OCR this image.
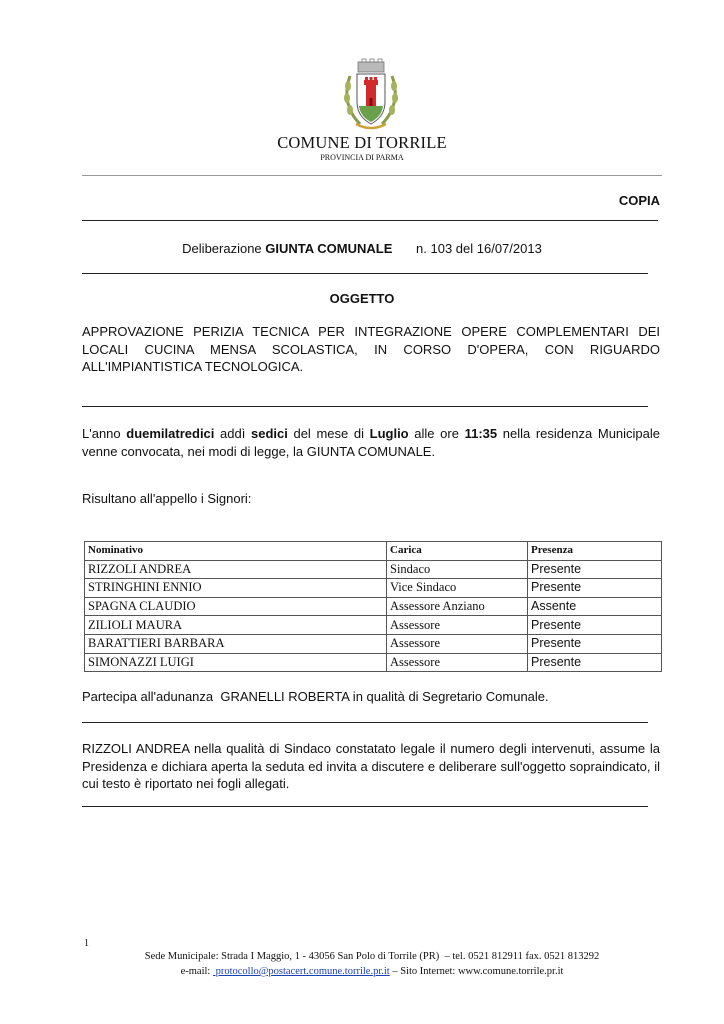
COMUNE DI TORRILE
PROVINCIA DI PARMA
COPIA
Deliberazione GIUNTA COMUNALE n. 103 del 16/07/2013
OGGETTO
APPROVAZIONE PERIZIA TECNICA PER INTEGRAZIONE OPERE COMPLEMENTARI DEI LOCALI CUCINA MENSA SCOLASTICA, IN CORSO D'OPERA, CON RIGUARDO ALL'IMPIANTISTICA TECNOLOGICA.
L'anno duemilatredici addì sedici del mese di Luglio alle ore 11:35 nella residenza Municipale venne convocata, nei modi di legge, la GIUNTA COMUNALE.
Risultano all'appello i Signori:
Nominativo	Carica	Presenza
RIZZOLI ANDREA	Sindaco	Presente
STRINGHINI ENNIO	Vice Sindaco	Presente
SPAGNA CLAUDIO	Assessore Anziano	Assente
ZILIOLI MAURA	Assessore	Presente
BARATTIERI BARBARA	Assessore	Presente
SIMONAZZI LUIGI	Assessore	Presente
Partecipa all'adunanza  GRANELLI ROBERTA in qualità di Segretario Comunale.
RIZZOLI ANDREA nella qualità di Sindaco constatato legale il numero degli intervenuti, assume la Presidenza e dichiara aperta la seduta ed invita a discutere e deliberare sull'oggetto sopraindicato, il cui testo è riportato nei fogli allegati.
1
Sede Municipale: Strada I Maggio, 1 - 43056 San Polo di Torrile (PR)  – tel. 0521 812911 fax. 0521 813292
e-mail:  protocollo@postacert.comune.torrile.pr.it – Sito Internet: www.comune.torrile.pr.it
